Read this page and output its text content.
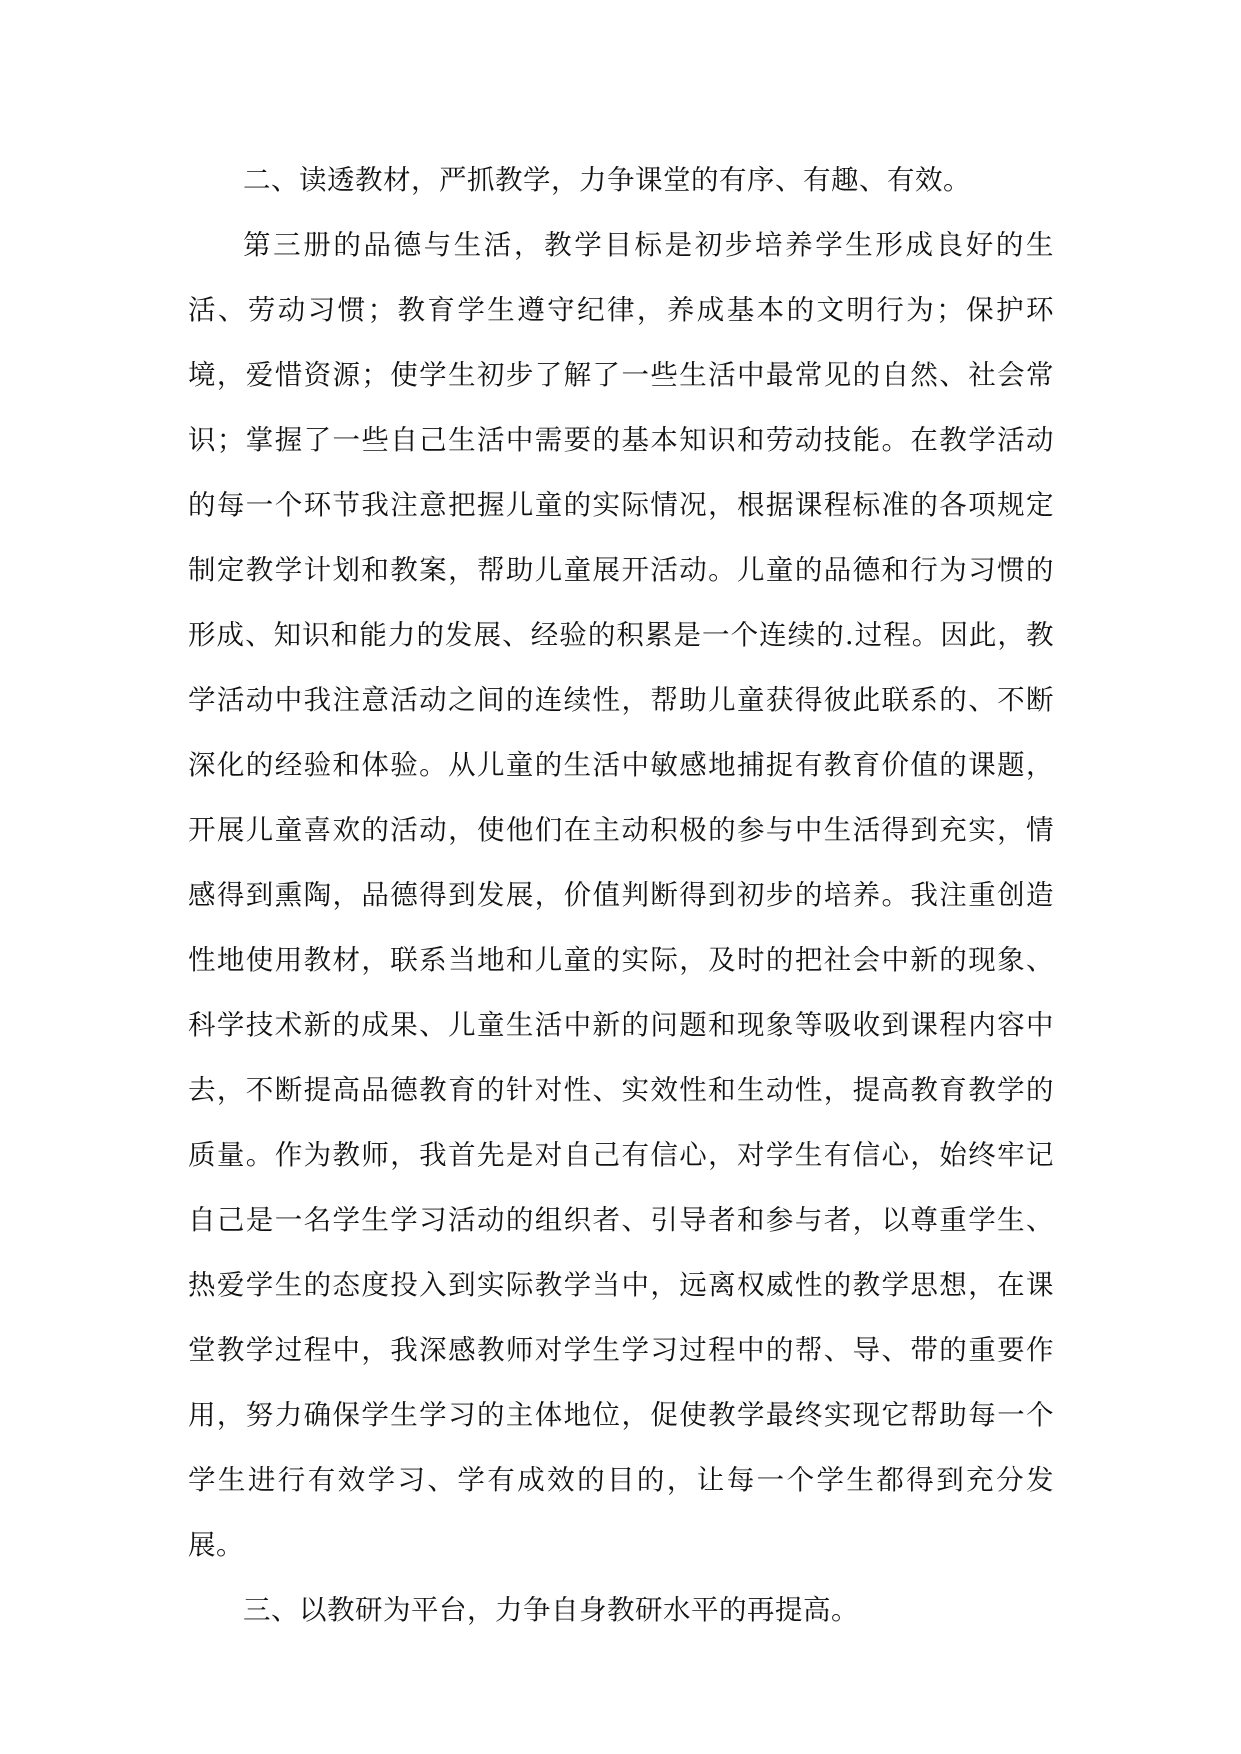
二、读透教材，严抓教学，力争课堂的有序、有趣、有效。

第三册的品德与生活，教学目标是初步培养学生形成良好的生活、劳动习惯；教育学生遵守纪律，养成基本的文明行为；保护环境，爱惜资源；使学生初步了解了一些生活中最常见的自然、社会常识；掌握了一些自己生活中需要的基本知识和劳动技能。在教学活动的每一个环节我注意把握儿童的实际情况，根据课程标准的各项规定制定教学计划和教案，帮助儿童展开活动。儿童的品德和行为习惯的形成、知识和能力的发展、经验的积累是一个连续的.过程。因此，教学活动中我注意活动之间的连续性，帮助儿童获得彼此联系的、不断深化的经验和体验。从儿童的生活中敏感地捕捉有教育价值的课题，开展儿童喜欢的活动，使他们在主动积极的参与中生活得到充实，情感得到熏陶，品德得到发展，价值判断得到初步的培养。我注重创造性地使用教材，联系当地和儿童的实际，及时的把社会中新的现象、科学技术新的成果、儿童生活中新的问题和现象等吸收到课程内容中去，不断提高品德教育的针对性、实效性和生动性，提高教育教学的质量。作为教师，我首先是对自己有信心，对学生有信心，始终牢记自己是一名学生学习活动的组织者、引导者和参与者，以尊重学生、热爱学生的态度投入到实际教学当中，远离权威性的教学思想，在课堂教学过程中，我深感教师对学生学习过程中的帮、导、带的重要作用，努力确保学生学习的主体地位，促使教学最终实现它帮助每一个学生进行有效学习、学有成效的目的，让每一个学生都得到充分发展。

三、以教研为平台，力争自身教研水平的再提高。
